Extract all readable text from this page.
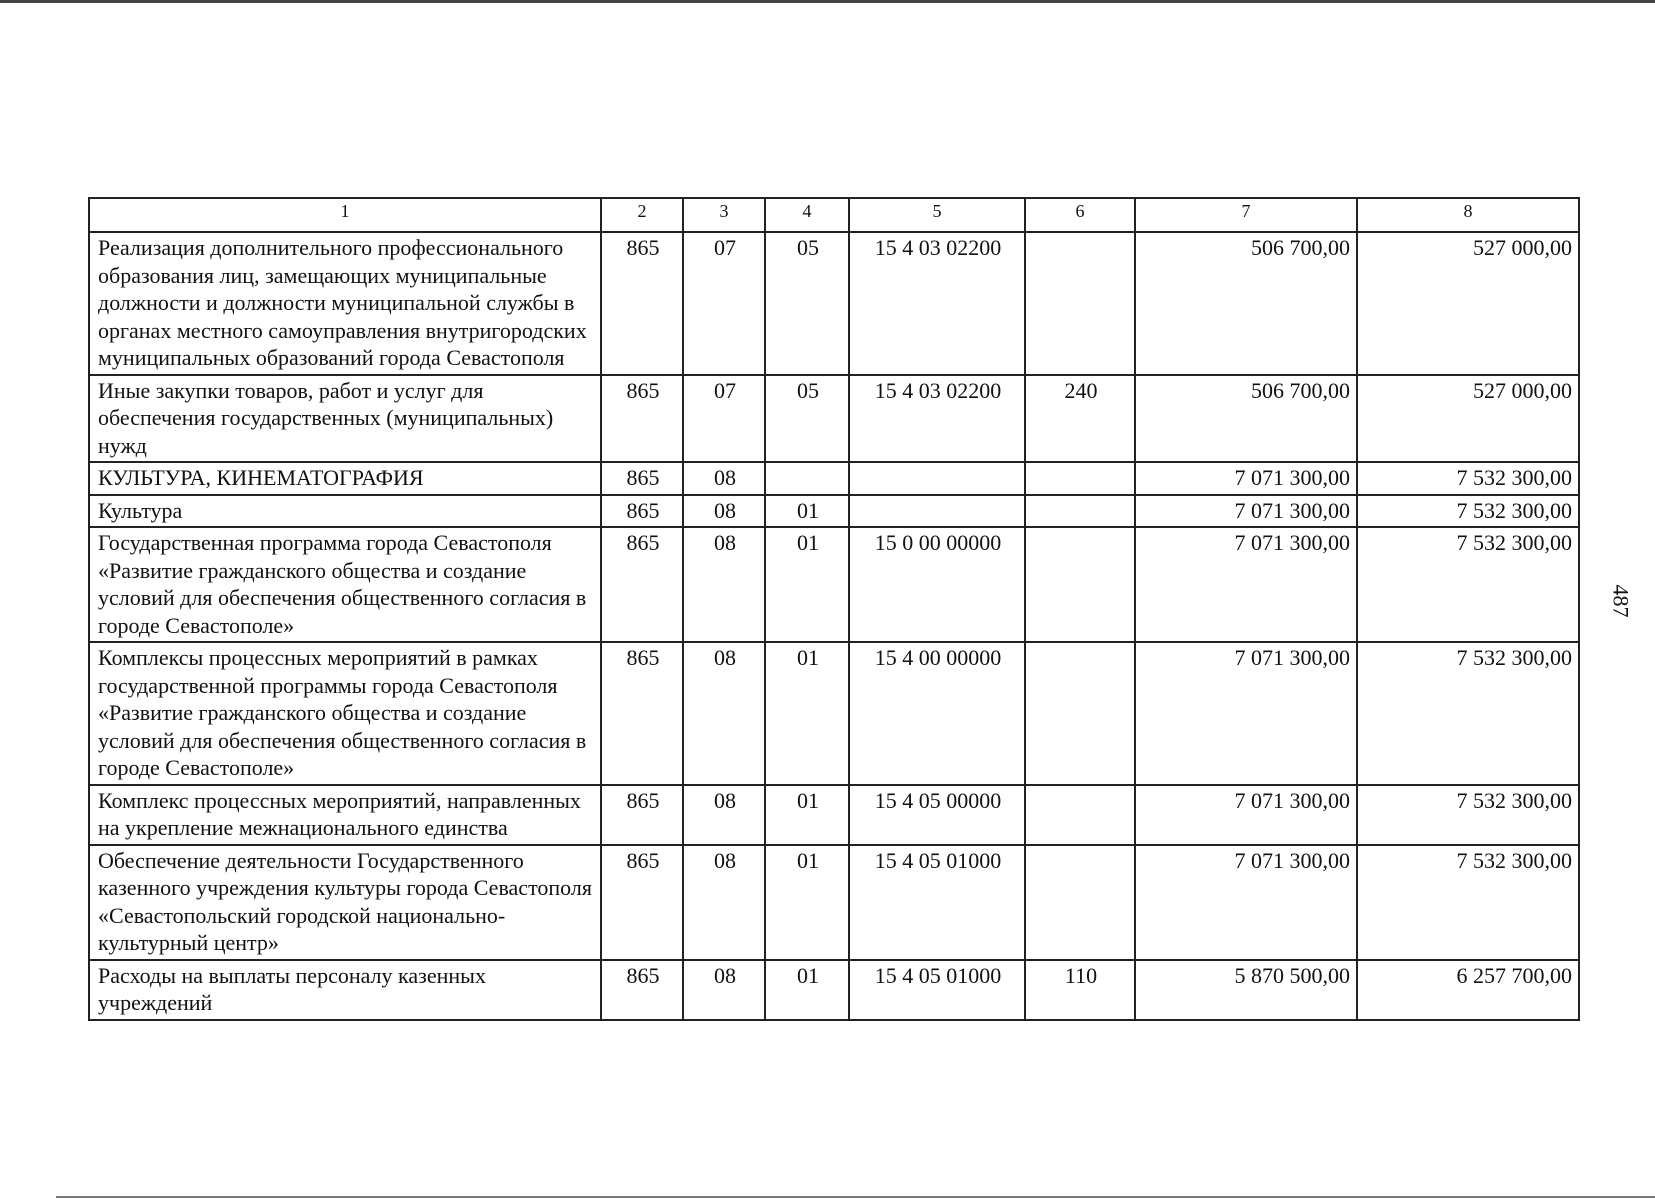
487
1	2	3	4	5	6	7	8
Реализация дополнительного профессионального образования лиц, замещающих муниципальные должности и должности муниципальной службы в органах местного самоуправления внутригородских муниципальных образований города Севастополя	865	07	05	15 4 03 02200		506 700,00	527 000,00
Иные закупки товаров, работ и услуг для обеспечения государственных (муниципальных) нужд	865	07	05	15 4 03 02200	240	506 700,00	527 000,00
КУЛЬТУРА, КИНЕМАТОГРАФИЯ	865	08				7 071 300,00	7 532 300,00
Культура	865	08	01			7 071 300,00	7 532 300,00
Государственная программа города Севастополя «Развитие гражданского общества и создание условий для обеспечения общественного согласия в городе Севастополе»	865	08	01	15 0 00 00000		7 071 300,00	7 532 300,00
Комплексы процессных мероприятий в рамках государственной программы города Севастополя «Развитие гражданского общества и создание условий для обеспечения общественного согласия в городе Севастополе»	865	08	01	15 4 00 00000		7 071 300,00	7 532 300,00
Комплекс процессных мероприятий, направленных на укрепление межнационального единства	865	08	01	15 4 05 00000		7 071 300,00	7 532 300,00
Обеспечение деятельности Государственного казенного учреждения культуры города Севастополя «Севастопольский городской национально-культурный центр»	865	08	01	15 4 05 01000		7 071 300,00	7 532 300,00
Расходы на выплаты персоналу казенных учреждений	865	08	01	15 4 05 01000	110	5 870 500,00	6 257 700,00
